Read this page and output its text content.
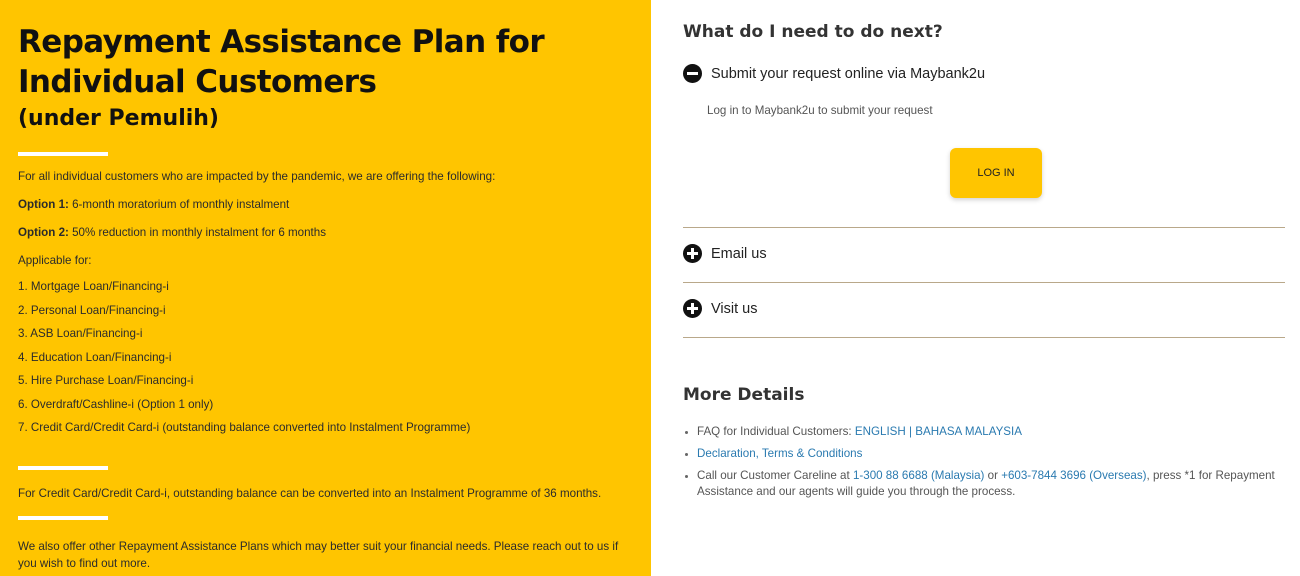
Repayment Assistance Plan for Individual Customers
(under Pemulih)

For all individual customers who are impacted by the pandemic, we are offering the following:

Option 1: 6-month moratorium of monthly instalment

Option 2: 50% reduction in monthly instalment for 6 months

Applicable for:

1. Mortgage Loan/Financing-i
2. Personal Loan/Financing-i
3. ASB Loan/Financing-i
4. Education Loan/Financing-i
5. Hire Purchase Loan/Financing-i
6. Overdraft/Cashline-i (Option 1 only)
7. Credit Card/Credit Card-i (outstanding balance converted into Instalment Programme)

For Credit Card/Credit Card-i, outstanding balance can be converted into an Instalment Programme of 36 months.

We also offer other Repayment Assistance Plans which may better suit your financial needs. Please reach out to us if you wish to find out more.

What do I need to do next?
Submit your request online via Maybank2u

Log in to Maybank2u to submit your request

LOG IN
Email us
Visit us
More Details
FAQ for Individual Customers: ENGLISH | BAHASA MALAYSIA
Declaration, Terms & Conditions
Call our Customer Careline at 1-300 88 6688 (Malaysia) or +603-7844 3696 (Overseas), press *1 for Repayment Assistance and our agents will guide you through the process.
